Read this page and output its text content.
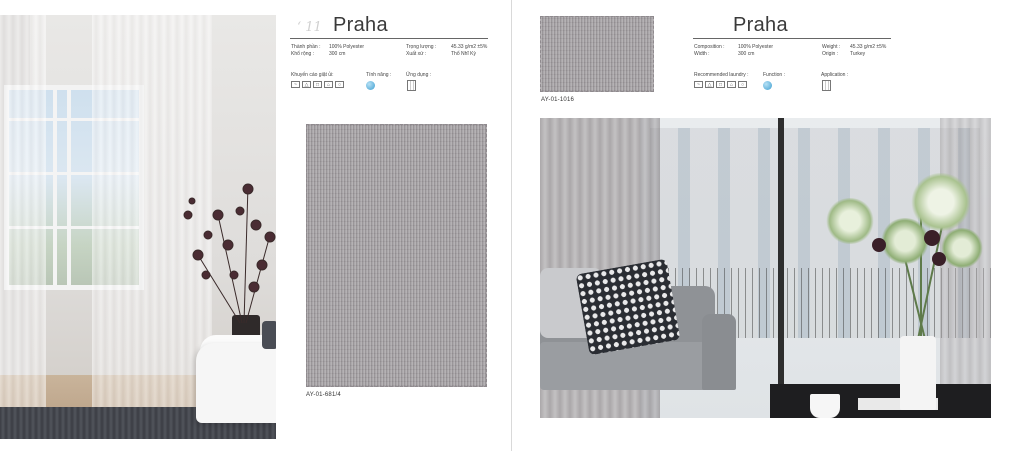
‘ 11 Praha
Thành phần : 100% Polyester
Khổ rộng :	300 cm
Trọng lượng :	45.33 g/m2 ±5%
Xuất xứ :	Thổ Nhĩ Kỳ
Khuyến cáo giặt ủi:	Tính năng :	Ứng dụng :
~	△	□	⌂	○
AY-01-681/4
AY-01-1016
Praha
Composition :	100% Polyester
Width :	300 cm
Weight : 45.33 g/m2 ±5%
Origin : Turkey
Recommended laundry :	Function :	Application :
~	△	□	⌂	○
